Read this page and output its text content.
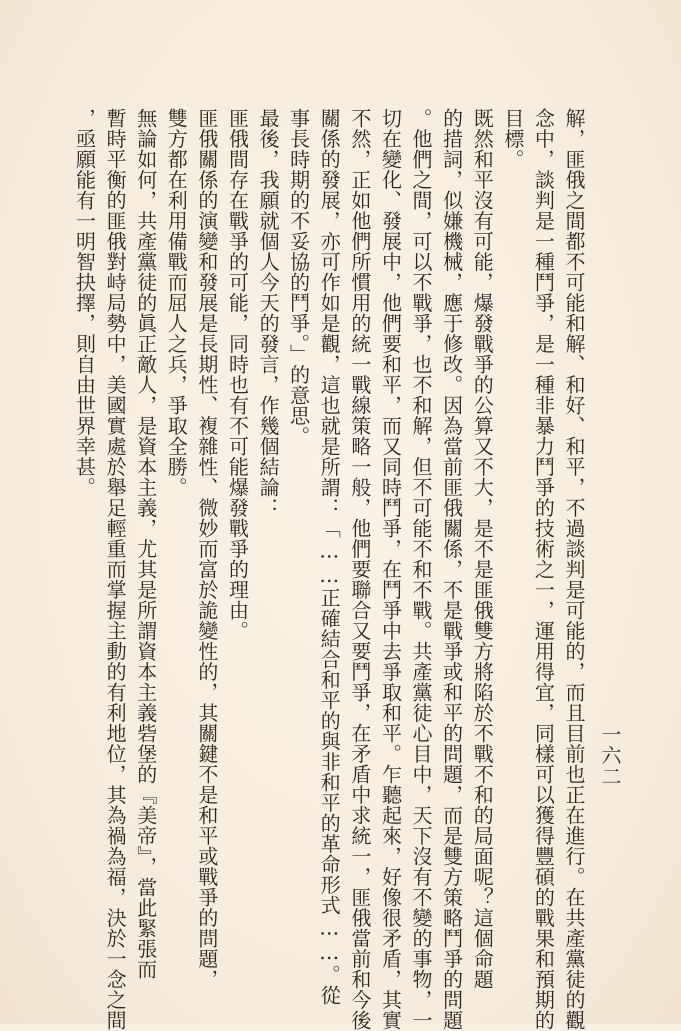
一六二
解，匪俄之間都不可能和解、和好、和平，不過談判是可能的，而且目前也正在進行。在共產黨徒的觀
念中，談判是一種鬥爭，是一種非暴力鬥爭的技術之一，運用得宜，同樣可以獲得豐碩的戰果和預期的
目標。
既然和平沒有可能，爆發戰爭的公算又不大，是不是匪俄雙方將陷於不戰不和的局面呢？這個命題
的措詞，似嫌機械，應于修改。因為當前匪俄關係，不是戰爭或和平的問題，而是雙方策略鬥爭的問題
。他們之間，可以不戰爭，也不和解，但不可能不和不戰。共產黨徒心目中，天下沒有不變的事物，一
切在變化、發展中，他們要和平，而又同時鬥爭，在鬥爭中去爭取和平。乍聽起來，好像很矛盾，其實
不然，正如他們所慣用的統一戰線策略一般，他們要聯合又要鬥爭，在矛盾中求統一，匪俄當前和今後
關係的發展，亦可作如是觀，這也就是所謂：「……正確結合和平的與非和平的革命形式……。從
事長時期的不妥協的鬥爭。」的意思。
最後，我願就個人今天的發言，作幾個結論：
匪俄間存在戰爭的可能，同時也有不可能爆發戰爭的理由。
匪俄關係的演變和發展是長期性、複雜性、微妙而富於詭變性的，其關鍵不是和平或戰爭的問題，
雙方都在利用備戰而屈人之兵，爭取全勝。
無論如何，共產黨徒的眞正敵人，是資本主義，尤其是所謂資本主義砦堡的『美帝』，當此緊張而
暫時平衡的匪俄對峙局勢中，美國實處於舉足輕重而掌握主動的有利地位，其為禍為福，決於一念之間
，亟願能有一明智抉擇，則自由世界幸甚。
